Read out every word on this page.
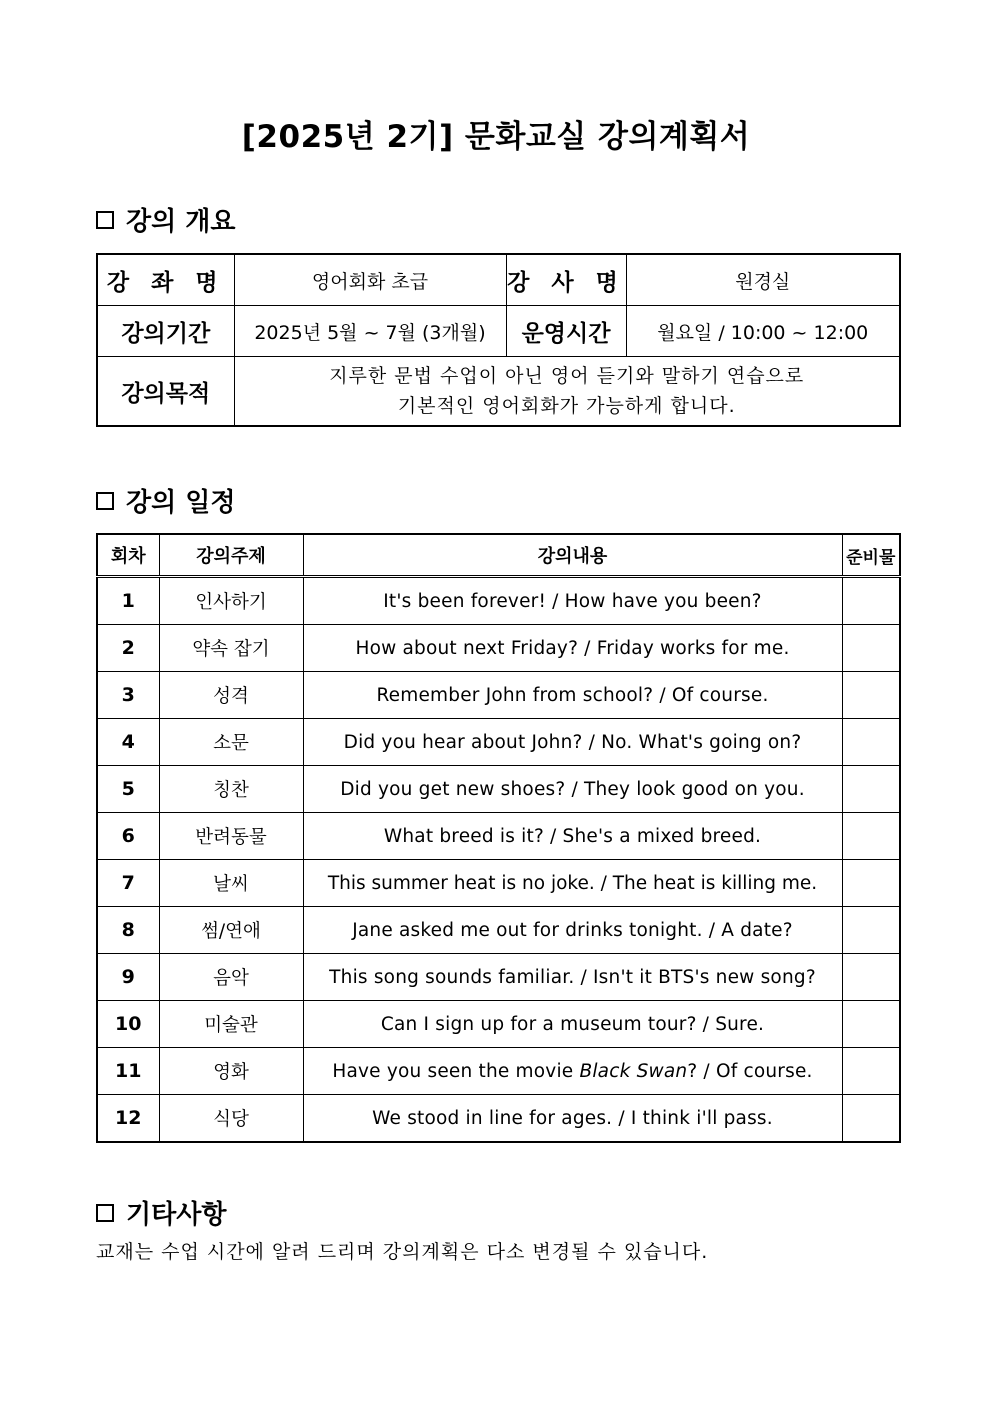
[2025년 2기] 문화교실 강의계획서
강의 개요
강 좌 명	영어회화 초급	강 사 명	원경실
강의기간	2025년 5월 ~ 7월 (3개월)	운영시간	월요일 / 10:00 ~ 12:00
강의목적	지루한 문법 수업이 아닌 영어 듣기와 말하기 연습으로
기본적인 영어회화가 가능하게 합니다.		
강의 일정
회차	강의주제	강의내용	준비물
1	인사하기	It's been forever! / How have you been?	
2	약속 잡기	How about next Friday? / Friday works for me.	
3	성격	Remember John from school? / Of course.	
4	소문	Did you hear about John? / No. What's going on?	
5	칭찬	Did you get new shoes? / They look good on you.	
6	반려동물	What breed is it? / She's a mixed breed.	
7	날씨	This summer heat is no joke. / The heat is killing me.	
8	썸/연애	Jane asked me out for drinks tonight. / A date?	
9	음악	This song sounds familiar. / Isn't it BTS's new song?	
10	미술관	Can I sign up for a museum tour? / Sure.	
11	영화	Have you seen the movie Black Swan? / Of course.	
12	식당	We stood in line for ages. / I think i'll pass.	
기타사항
교재는 수업 시간에 알려 드리며 강의계획은 다소 변경될 수 있습니다.
